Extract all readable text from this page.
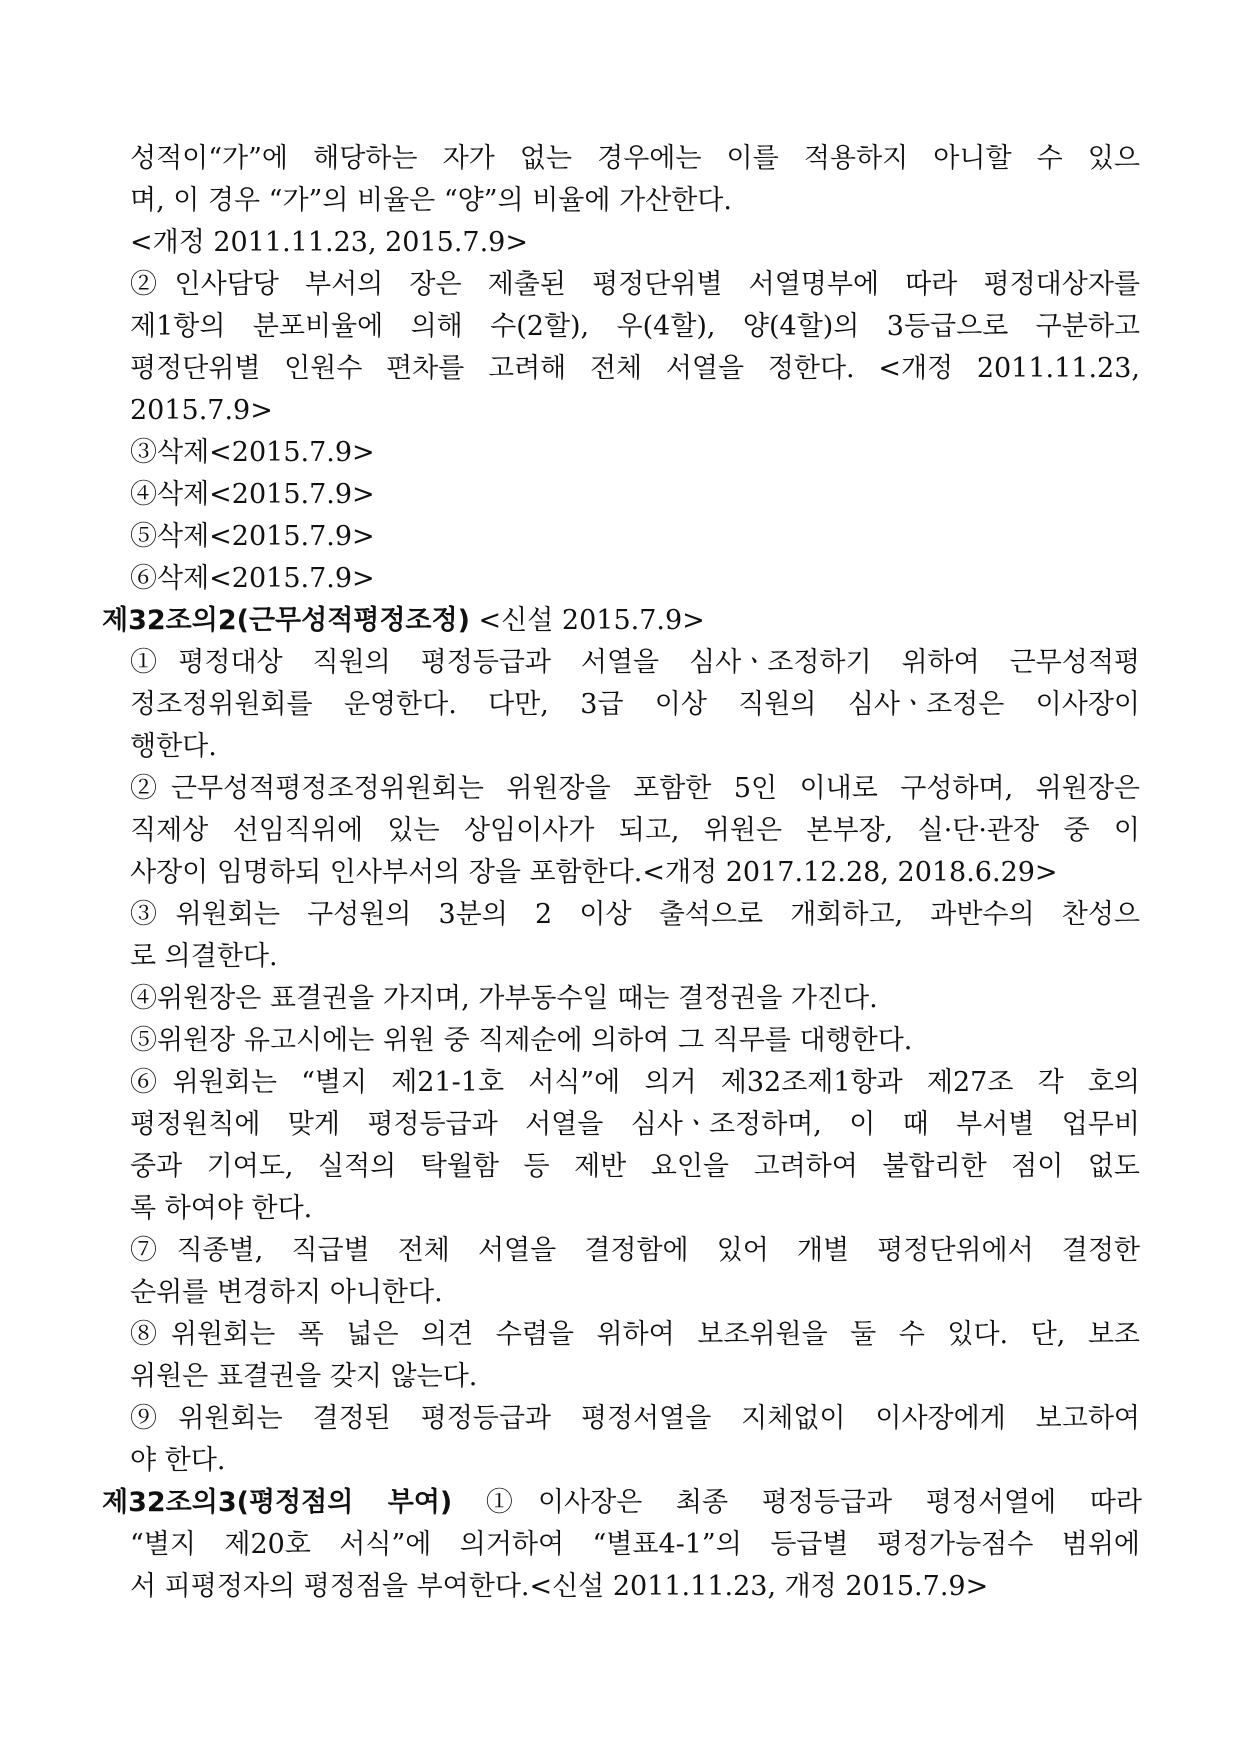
성적이“가”에 해당하는 자가 없는 경우에는 이를 적용하지 아니할 수 있으
며, 이 경우 “가”의 비율은 “양”의 비율에 가산한다.
<개정 2011.11.23, 2015.7.9>
②인사담당 부서의 장은 제출된 평정단위별 서열명부에 따라 평정대상자를
제1항의 분포비율에 의해 수(2할), 우(4할), 양(4할)의 3등급으로 구분하고
평정단위별 인원수 편차를 고려해 전체 서열을 정한다. <개정 2011.11.23,
2015.7.9>
③삭제<2015.7.9>
④삭제<2015.7.9>
⑤삭제<2015.7.9>
⑥삭제<2015.7.9>
제32조의2(근무성적평정조정) <신설 2015.7.9>
①평정대상 직원의 평정등급과 서열을 심사ㆍ조정하기 위하여 근무성적평
정조정위원회를 운영한다. 다만, 3급 이상 직원의 심사ㆍ조정은 이사장이
행한다.
②근무성적평정조정위원회는 위원장을 포함한 5인 이내로 구성하며, 위원장은
직제상 선임직위에 있는 상임이사가 되고, 위원은 본부장, 실·단·관장 중 이
사장이 임명하되 인사부서의 장을 포함한다.<개정 2017.12.28, 2018.6.29>
③위원회는 구성원의 3분의 2 이상 출석으로 개회하고, 과반수의 찬성으
로 의결한다.
④위원장은 표결권을 가지며, 가부동수일 때는 결정권을 가진다.
⑤위원장 유고시에는 위원 중 직제순에 의하여 그 직무를 대행한다.
⑥위원회는 “별지 제21-1호 서식”에 의거 제32조제1항과 제27조 각 호의
평정원칙에 맞게 평정등급과 서열을 심사ㆍ조정하며, 이 때 부서별 업무비
중과 기여도, 실적의 탁월함 등 제반 요인을 고려하여 불합리한 점이 없도
록 하여야 한다.
⑦직종별, 직급별 전체 서열을 결정함에 있어 개별 평정단위에서 결정한
순위를 변경하지 아니한다.
⑧위원회는 폭 넓은 의견 수렴을 위하여 보조위원을 둘 수 있다. 단, 보조
위원은 표결권을 갖지 않는다.
⑨위원회는 결정된 평정등급과 평정서열을 지체없이 이사장에게 보고하여
야 한다.
제32조의3(평정점의 부여) ①이사장은 최종 평정등급과 평정서열에 따라
“별지 제20호 서식”에 의거하여 “별표4-1”의 등급별 평정가능점수 범위에
서 피평정자의 평정점을 부여한다.<신설 2011.11.23, 개정 2015.7.9>
